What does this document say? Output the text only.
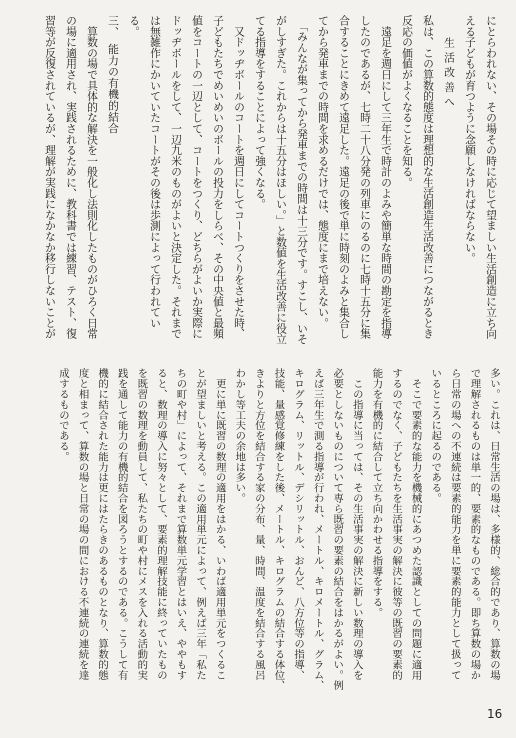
にとらわれない、その場その時に応じて望ましい生活創造に立ち向
える子どもが育つように念願しなければならない。
生活改善へ
私は、この算数的態度は理想的な生活創造生活改善につながるとき
反応の価値がよくなることを知る。
　遠足を週日にして三年生で時計のよみや簡単な時間の勘定を指導
したのであるが、七時二十八分発の列車にのるのに七時十五分に集
合することにきめて遠足した。遠足の後で単に時刻のよみと集合し
てから発車までの時間を求めるだけでは、態度にまで培えない。
　「みんなが集ってから発車までの時間は十三分です。すこし、いそ
がしすぎた。これからは十五分はほしい。」と数値を生活改善に役立
てる指導をすることによって強くなる。
　又ドッヂボールのコートを週日にしてコートつくりをさせた時、
子どもたちでめいめいのボールの投力をしらべ、その中央値と最頻
値をコートの一辺として、コートをつくり、どちらがよいか実際に
ドッヂボールをして、一辺九米のものがよいと決定した。それまで
は無雑作にかいていたコートがその後は歩測によって行われてい
る。
三、　能力の有機的結合
　算数の場で具体的な解決を一般化し法則化したものがひろく日常
の場に適用され、実践されるために、教科書では練習、テスト、復
習等が反復されているが、理解が実践になかなか移行しないことが
多い。これは、日常生活の場は、多様的、総合的であり、算数の場
で理解されるものは単一的、要素的なものである。即ち算数の場か
ら日常の場への不連続は要素的能力を単に要素的能力として扱って
いるところに起るのである。
　そこで要素的な能力を機械的にあつめた認識としての問題に適用
するのでなく、子どもたちを生活事実の解決に彼等の既習の要素的
能力を有機的に結合して立ち向かわせる指導をする。
　この指導に当っては、その生活事実の解決に新しい数理の導入を
必要としないものについて専ら既習の要素の結合をはかるがよい。例
えば三年生で測る指導が行われ、メートル、キロメートル、グラム、
キログラム、リットル、デシリットル、おんど、八方位等の指導、
技能、量感覚修練をした後、メートル、キログラムの結合する体位、
きよりと方位を結合する家の分布、量、時間、温度を結合する風呂
わかし等工夫の余地は多い。
　更に単に既習の数理の適用をはかる、いわば適用単元をつくるこ
とが望ましいと考える。この適用単元によって、例えば三年「私た
ちの町や村」によって、それまで算数単元学習とはいえ、ややもす
ると、数理の導入に努々として、要素的理解技能に終っていたもの
を既習の数理を動員して、私たちの町や村にメスを入れる活動的実
践を通して能力の有機的結合を図ろうとするのである。こうして有
機的に結合された能力は更にはたらきのあるものとなり、算数的態
度と相まって、算数の場と日常の場の間における不連続の連続を達
成するものである。
16
